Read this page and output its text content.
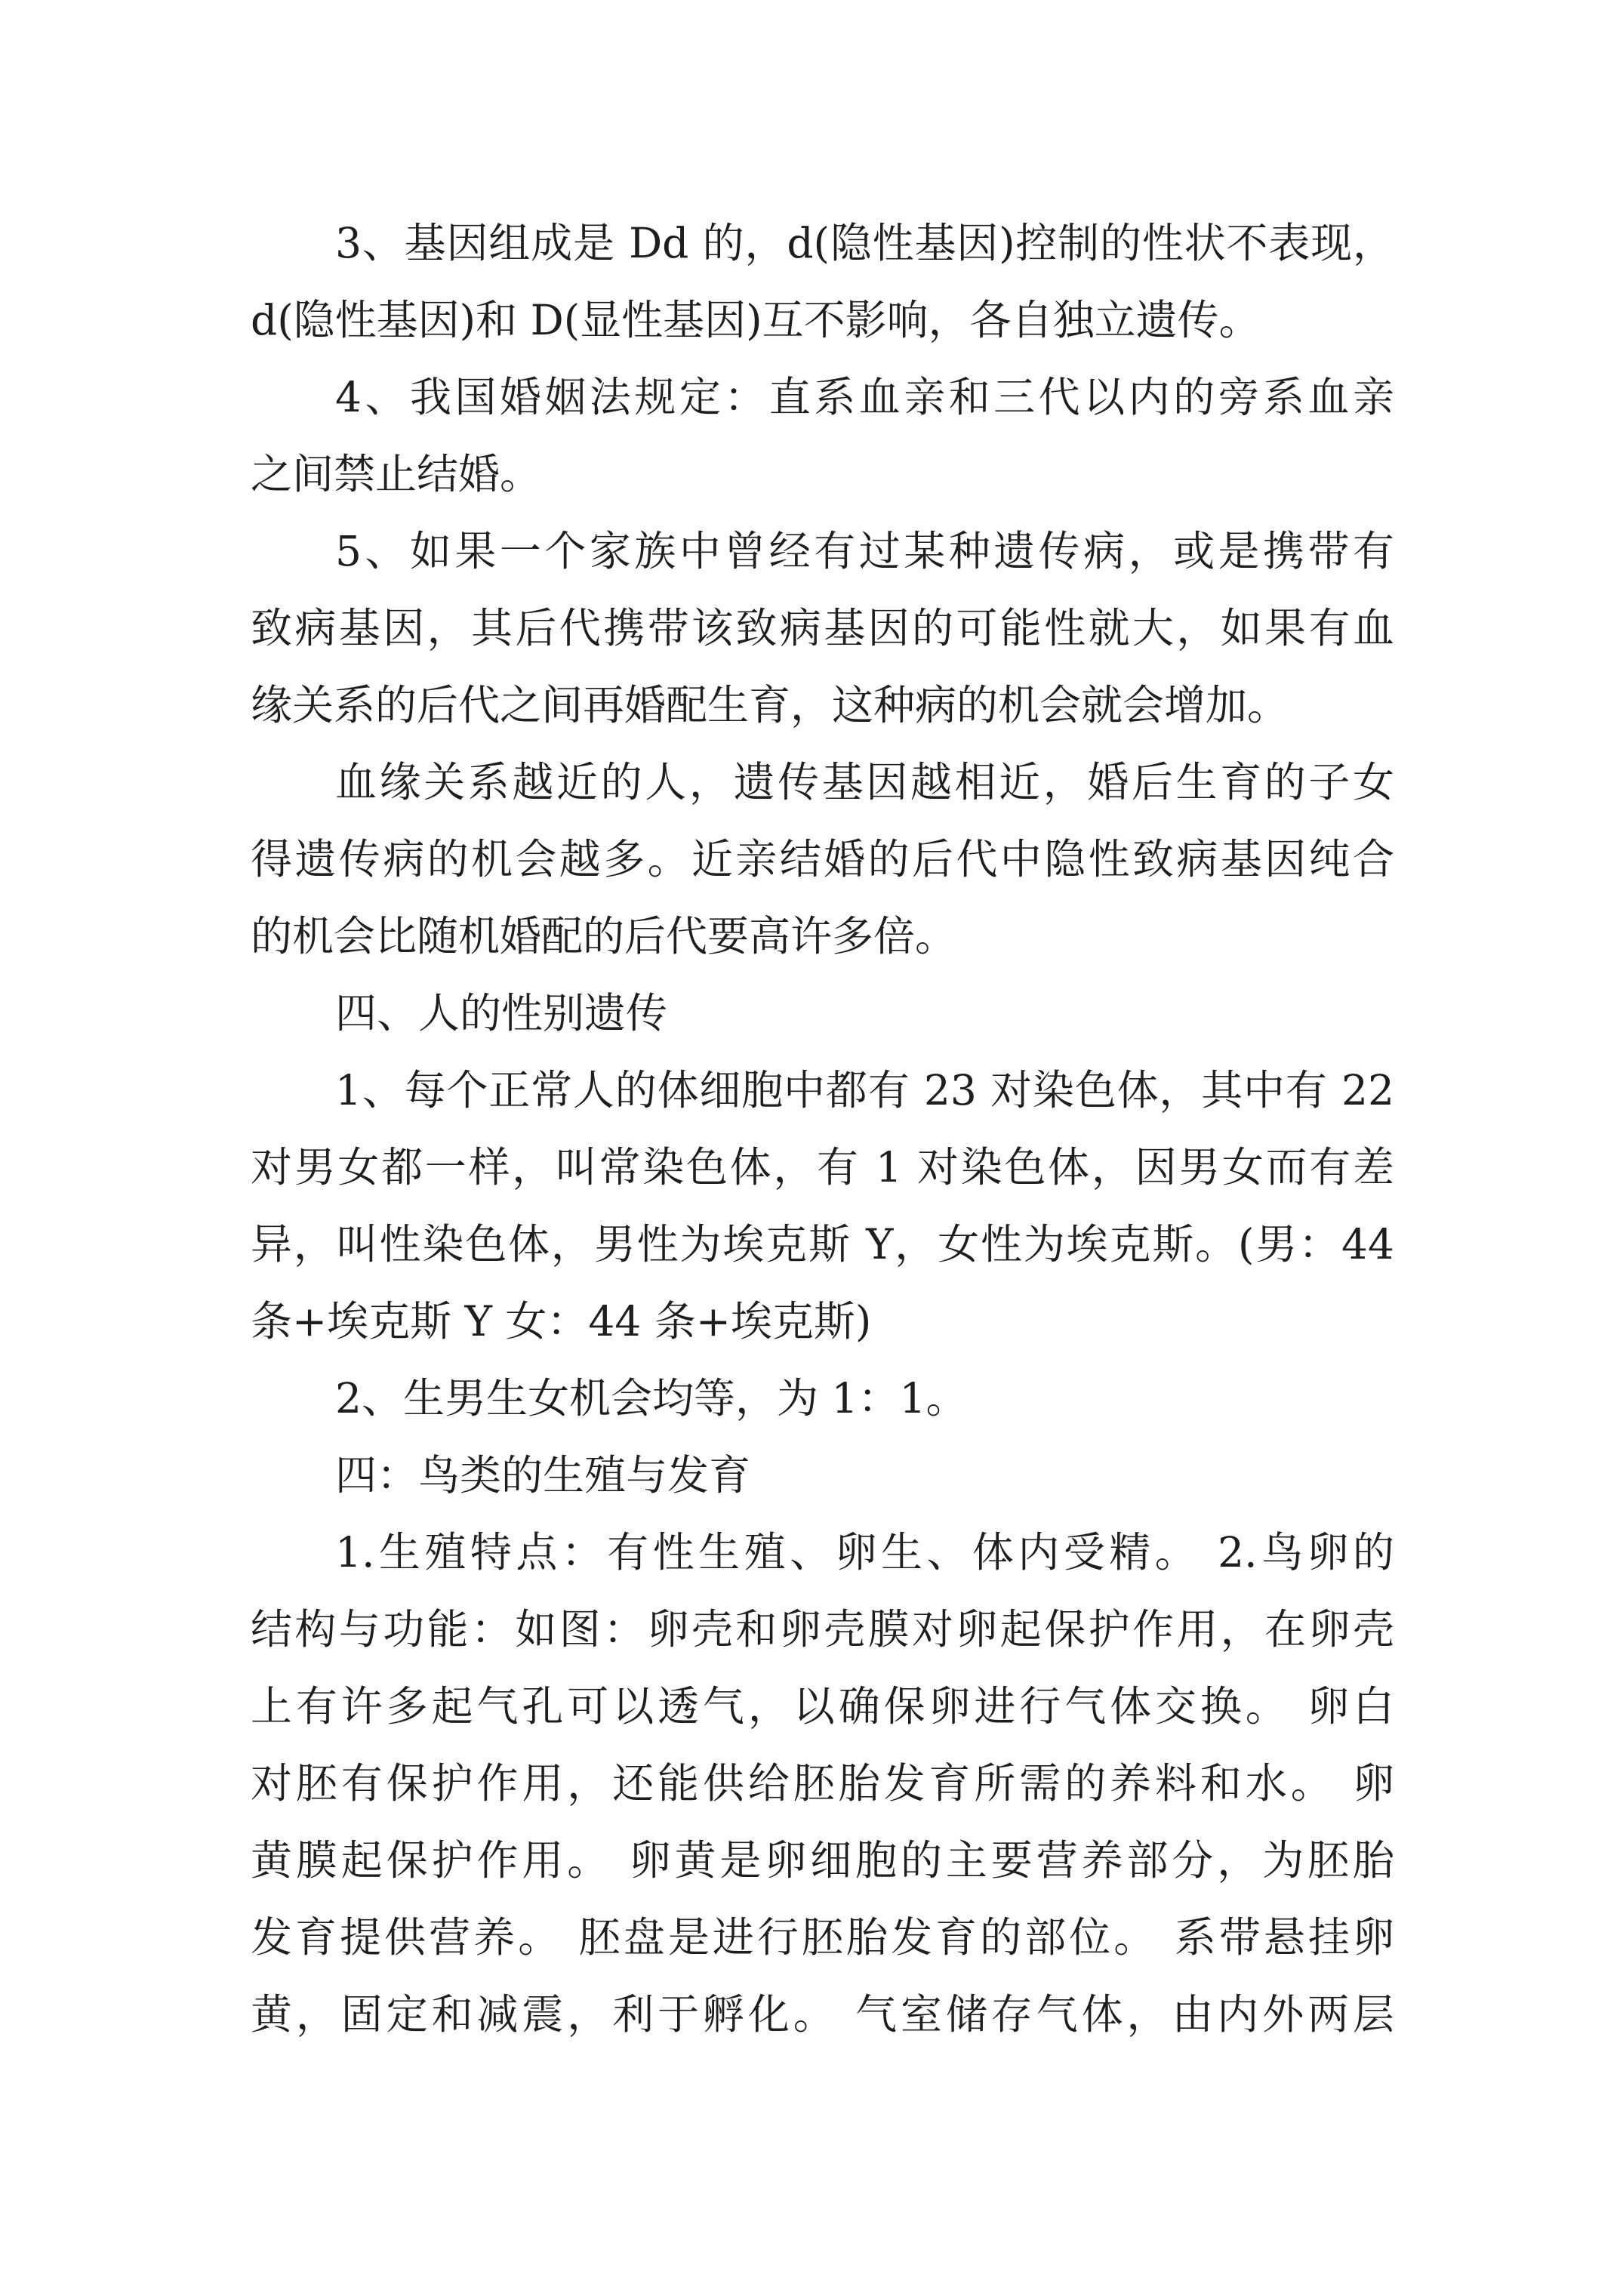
3、基因组成是 Dd 的，d(隐性基因)控制的性状不表现，
d(隐性基因)和 D(显性基因)互不影响，各自独立遗传。
4、我国婚姻法规定：直系血亲和三代以内的旁系血亲
之间禁止结婚。
5、如果一个家族中曾经有过某种遗传病，或是携带有
致病基因，其后代携带该致病基因的可能性就大，如果有血
缘关系的后代之间再婚配生育，这种病的机会就会增加。
血缘关系越近的人，遗传基因越相近，婚后生育的子女
得遗传病的机会越多。近亲结婚的后代中隐性致病基因纯合
的机会比随机婚配的后代要高许多倍。
四、人的性别遗传
1、每个正常人的体细胞中都有 23 对染色体，其中有 22
对男女都一样，叫常染色体，有 1 对染色体，因男女而有差
异，叫性染色体，男性为埃克斯 Y，女性为埃克斯。(男：44
条+埃克斯 Y 女：44 条+埃克斯)
2、生男生女机会均等，为 1：1。
四：鸟类的生殖与发育
1.生殖特点：有性生殖、卵生、体内受精。 2.鸟卵的
结构与功能：如图：卵壳和卵壳膜对卵起保护作用，在卵壳
上有许多起气孔可以透气，以确保卵进行气体交换。 卵白
对胚有保护作用，还能供给胚胎发育所需的养料和水。 卵
黄膜起保护作用。 卵黄是卵细胞的主要营养部分，为胚胎
发育提供营养。 胚盘是进行胚胎发育的部位。 系带悬挂卵
黄，固定和减震，利于孵化。 气室储存气体，由内外两层
